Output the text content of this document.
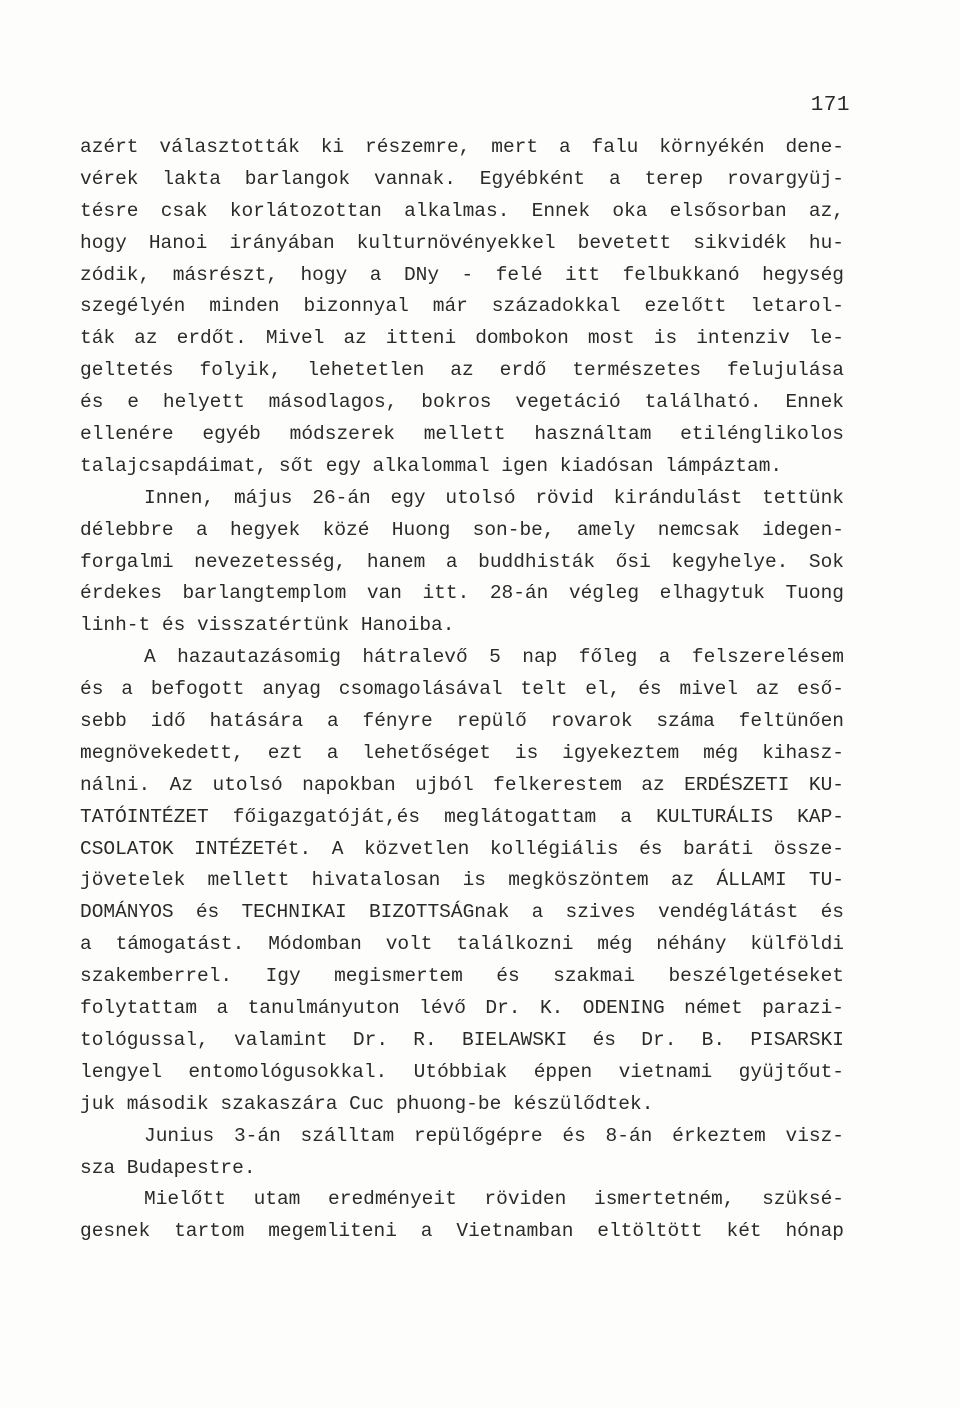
171
azért választották ki részemre, mert a falu környékén dene-
vérek lakta barlangok vannak. Egyébként a terep rovargyüj-
tésre csak korlátozottan alkalmas. Ennek oka elsősorban az,
hogy Hanoi irányában kulturnövényekkel bevetett sikvidék hu-
zódik, másrészt, hogy a DNy - felé itt felbukkanó hegység
szegélyén minden bizonnyal már századokkal ezelőtt letarol-
ták az erdőt. Mivel az itteni dombokon most is intenziv le-
geltetés folyik, lehetetlen az erdő természetes felujulása
és e helyett másodlagos, bokros vegetáció található. Ennek
ellenére egyéb módszerek mellett használtam etilénglikolos
talajcsapdáimat, sőt egy alkalommal igen kiadósan lámpáztam.
Innen, május 26-án egy utolsó rövid kirándulást tettünk
délebbre a hegyek közé Huong son-be, amely nemcsak idegen-
forgalmi nevezetesség, hanem a buddhisták ősi kegyhelye. Sok
érdekes barlangtemplom van itt. 28-án végleg elhagytuk Tuong
linh-t és visszatértünk Hanoiba.
A hazautazásomig hátralevő 5 nap főleg a felszerelésem
és a befogott anyag csomagolásával telt el, és mivel az eső-
sebb idő hatására a fényre repülő rovarok száma feltünően
megnövekedett, ezt a lehetőséget is igyekeztem még kihasz-
nálni. Az utolsó napokban ujból felkerestem az ERDÉSZETI KU-
TATÓINTÉZET főigazgatóját,és meglátogattam a KULTURÁLIS KAP-
CSOLATOK INTÉZETét. A közvetlen kollégiális és baráti össze-
jövetelek mellett hivatalosan is megköszöntem az ÁLLAMI TU-
DOMÁNYOS és TECHNIKAI BIZOTTSÁGnak a szives vendéglátást és
a támogatást. Módomban volt találkozni még néhány külföldi
szakemberrel. Igy megismertem és szakmai beszélgetéseket
folytattam a tanulmányuton lévő Dr. K. ODENING német parazi-
tológussal, valamint Dr. R. BIELAWSKI és Dr. B. PISARSKI
lengyel entomológusokkal. Utóbbiak éppen vietnami gyüjtőut-
juk második szakaszára Cuc phuong-be készülődtek.
Junius 3-án szálltam repülőgépre és 8-án érkeztem visz-
sza Budapestre.
Mielőtt utam eredményeit röviden ismertetném, szüksé-
gesnek tartom megemliteni a Vietnamban eltöltött két hónap
